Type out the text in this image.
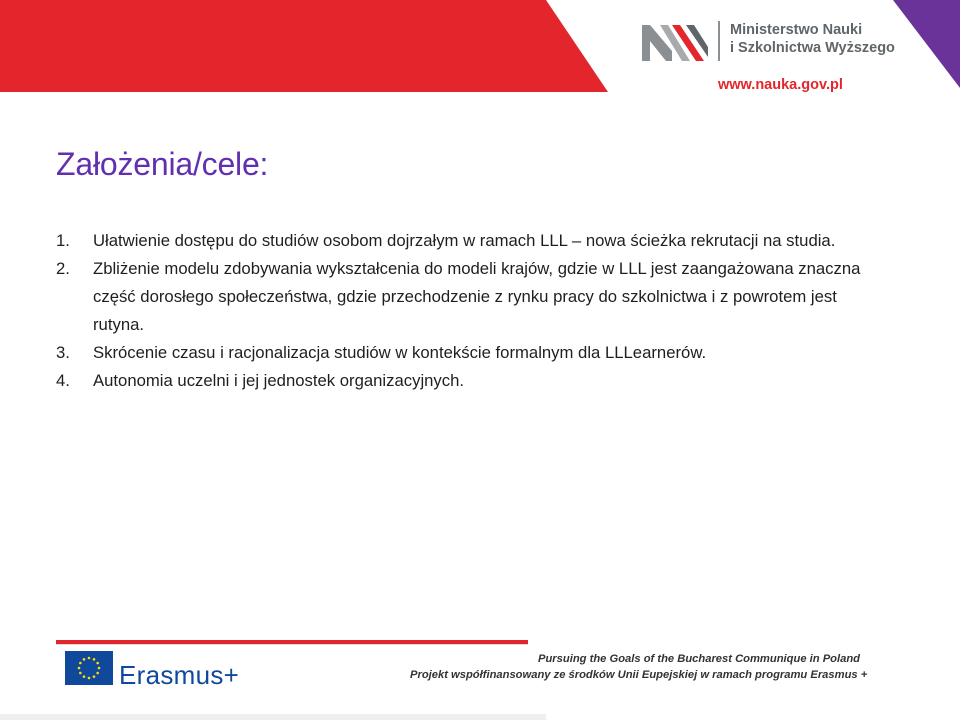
Ministerstwo Nauki
i Szkolnictwa Wyższego
www.nauka.gov.pl
Założenia/cele:
1. Ułatwienie dostępu do studiów osobom dojrzałym w ramach LLL – nowa ścieżka rekrutacji na studia.
2. Zbliżenie modelu zdobywania wykształcenia do modeli krajów, gdzie w LLL jest zaangażowana znaczna część dorosłego społeczeństwa, gdzie przechodzenie z rynku pracy do szkolnictwa i z powrotem jest rutyna.
3. Skrócenie czasu i racjonalizacja studiów w kontekście formalnym dla LLLearnerów.
4. Autonomia uczelni i jej jednostek organizacyjnych.
Erasmus+
Pursuing the Goals of the Bucharest Communique in Poland
Projekt współfinansowany ze środków Unii Eupejskiej w ramach programu Erasmus +
